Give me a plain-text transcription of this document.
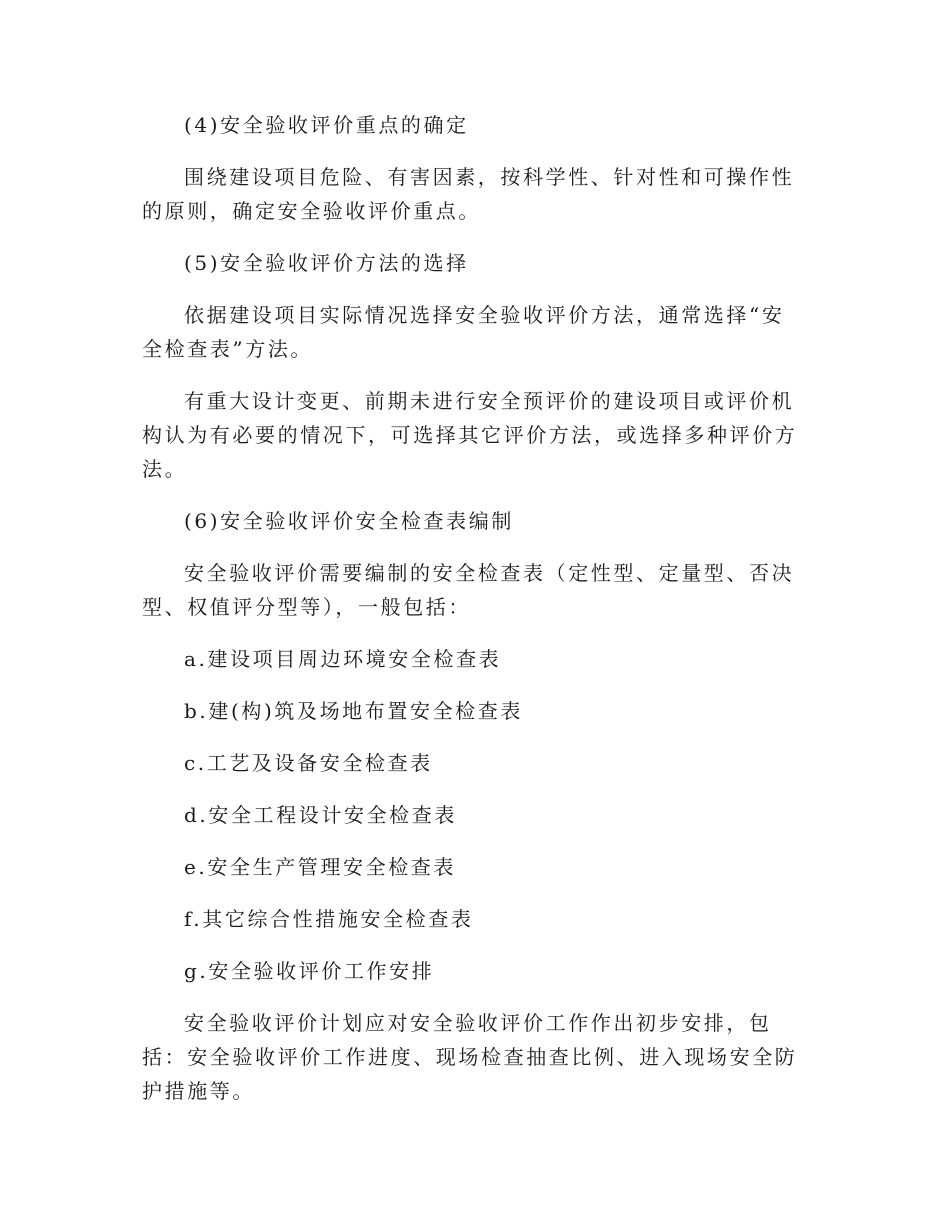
(4)安全验收评价重点的确定

围绕建设项目危险、有害因素，按科学性、针对性和可操作性的原则，确定安全验收评价重点。

(5)安全验收评价方法的选择

依据建设项目实际情况选择安全验收评价方法，通常选择“安全检查表”方法。

有重大设计变更、前期未进行安全预评价的建设项目或评价机构认为有必要的情况下，可选择其它评价方法，或选择多种评价方法。

(6)安全验收评价安全检查表编制

安全验收评价需要编制的安全检查表（定性型、定量型、否决型、权值评分型等），一般包括：

a.建设项目周边环境安全检查表

b.建(构)筑及场地布置安全检查表

c.工艺及设备安全检查表

d.安全工程设计安全检查表

e.安全生产管理安全检查表

f.其它综合性措施安全检查表

g.安全验收评价工作安排

安全验收评价计划应对安全验收评价工作作出初步安排，包括：安全验收评价工作进度、现场检查抽查比例、进入现场安全防护措施等。
